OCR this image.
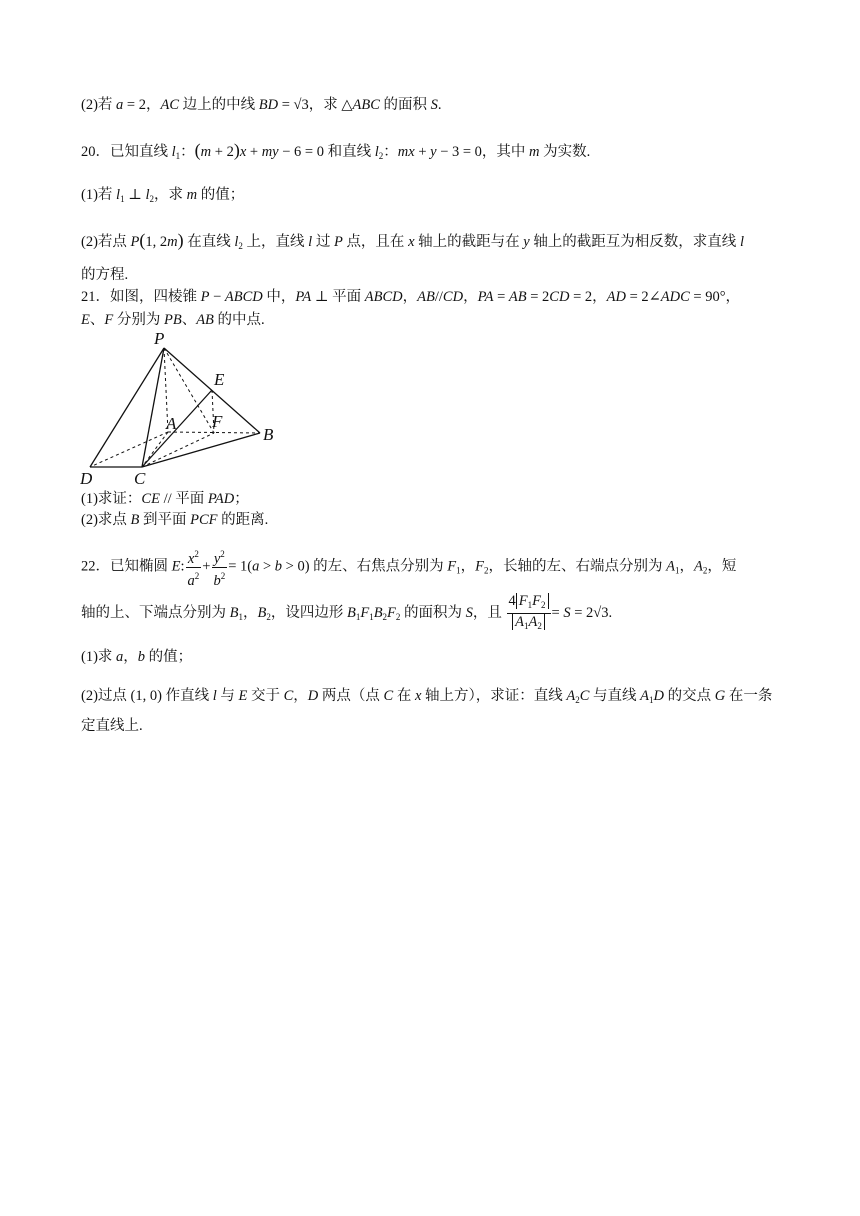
(2)若 a = 2，AC 边上的中线 BD = √3，求 △ABC 的面积 S.
20．已知直线 $l_1$：(m + 2)x + my − 6 = 0 和直线 $l_2$：mx + y − 3 = 0，其中 m 为实数.
(1)若 $l_1$ ⊥ $l_2$，求 m 的值；
(2)若点 P(1, 2m) 在直线 $l_2$ 上，直线 l 过 P 点，且在 x 轴上的截距与在 y 轴上的截距互为相反数，求直线 l
的方程.
21．如图，四棱锥 P − ABCD 中，PA ⊥ 平面 ABCD，AB//CD，PA = AB = 2CD = 2，AD = 2∠ADC = 90°，
E、F 分别为 PB、AB 的中点.
P
E
A F
B
D C
(1)求证：CE // 平面 PAD；
(2)求点 B 到平面 PCF 的距离.
22．已知椭圆 E: $\frac{x^2}{a^2} + \frac{y^2}{b^2} = 1(a > b > 0)$ 的左、右焦点分别为 $F_1$，$F_2$，长轴的左、右端点分别为 $A_1$，$A_2$，短
轴的上、下端点分别为 $B_1$，$B_2$，设四边形 $B_1F_1B_2F_2$ 的面积为 S，且 $\frac{4 F_1F_2}{A_1A_2} = S = 2√3$.
(1)求 a，b 的值；
(2)过点 (1, 0) 作直线 l 与 E 交于 C，D 两点（点 C 在 x 轴上方），求证：直线 $A_2C$ 与直线 $A_1D$ 的交点 G 在一条
定直线上.
